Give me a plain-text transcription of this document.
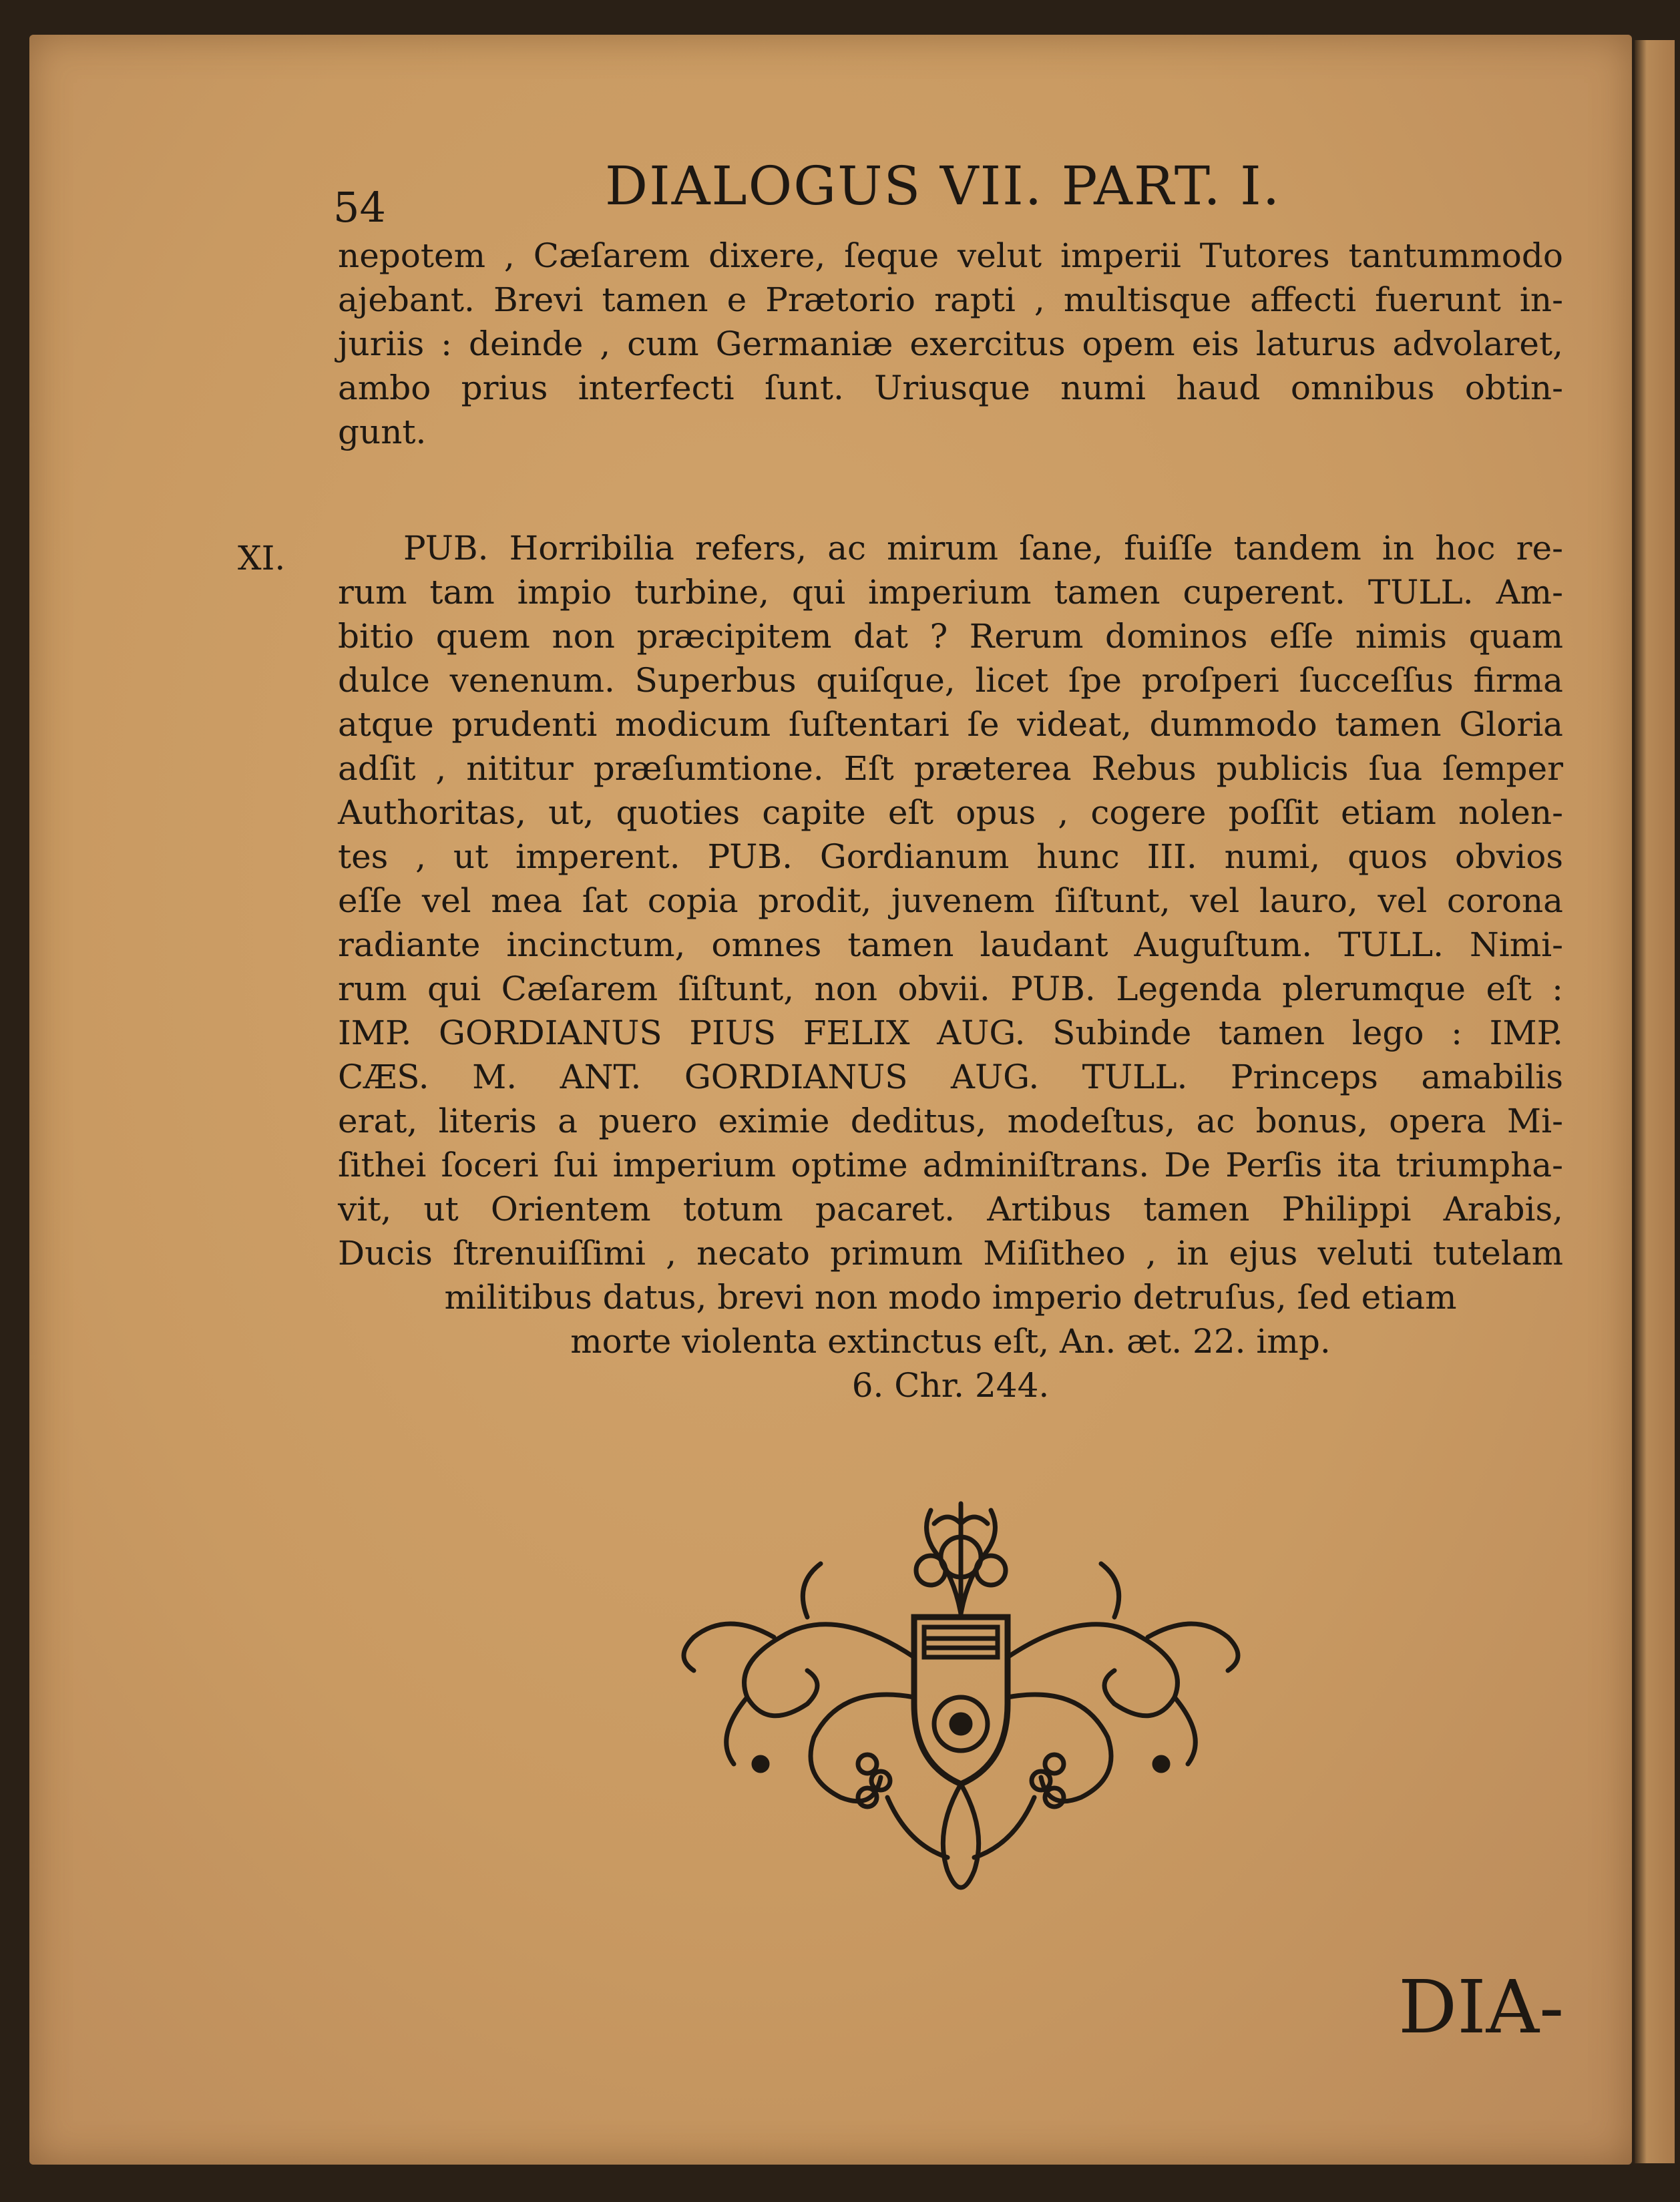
54	DIALOGUS VII. PART. I.
nepotem , Cæſarem dixere, ſeque velut imperii Tutores tantummodo
ajebant. Brevi tamen e Prætorio rapti , multisque affecti fuerunt in-
juriis : deinde , cum Germaniæ exercitus opem eis laturus advolaret,
ambo prius interfecti ſunt. Uriusque numi haud omnibus obtin-
gunt.
XI.	PUB. Horribilia refers, ac mirum ſane, fuiſſe tandem in hoc re-
rum tam impio turbine, qui imperium tamen cuperent. TULL. Am-
bitio quem non præcipitem dat ? Rerum dominos eſſe nimis quam
dulce venenum. Superbus quiſque, licet ſpe proſperi ſucceſſus firma
atque prudenti modicum ſuſtentari ſe videat, dummodo tamen Gloria
adſit , nititur præſumtione. Eſt præterea Rebus publicis ſua ſemper
Authoritas, ut, quoties capite eſt opus , cogere poſſit etiam nolen-
tes , ut imperent. PUB. Gordianum hunc III. numi, quos obvios
eſſe vel mea ſat copia prodit, juvenem ſiſtunt, vel lauro, vel corona
radiante incinctum, omnes tamen laudant Auguſtum. TULL. Nimi-
rum qui Cæſarem ſiſtunt, non obvii. PUB. Legenda plerumque eſt :
IMP. GORDIANUS PIUS FELIX AUG. Subinde tamen lego : IMP.
CÆS. M. ANT. GORDIANUS AUG. TULL. Princeps amabilis
erat, literis a puero eximie deditus, modeſtus, ac bonus, opera Mi-
ſithei ſoceri ſui imperium optime adminiſtrans. De Perſis ita triumpha-
vit, ut Orientem totum pacaret. Artibus tamen Philippi Arabis,
Ducis ſtrenuiſſimi , necato primum Miſitheo , in ejus veluti tutelam
militibus datus, brevi non modo imperio detruſus, ſed etiam
morte violenta extinctus eſt, An. æt. 22. imp.
6. Chr. 244.
DIA-
